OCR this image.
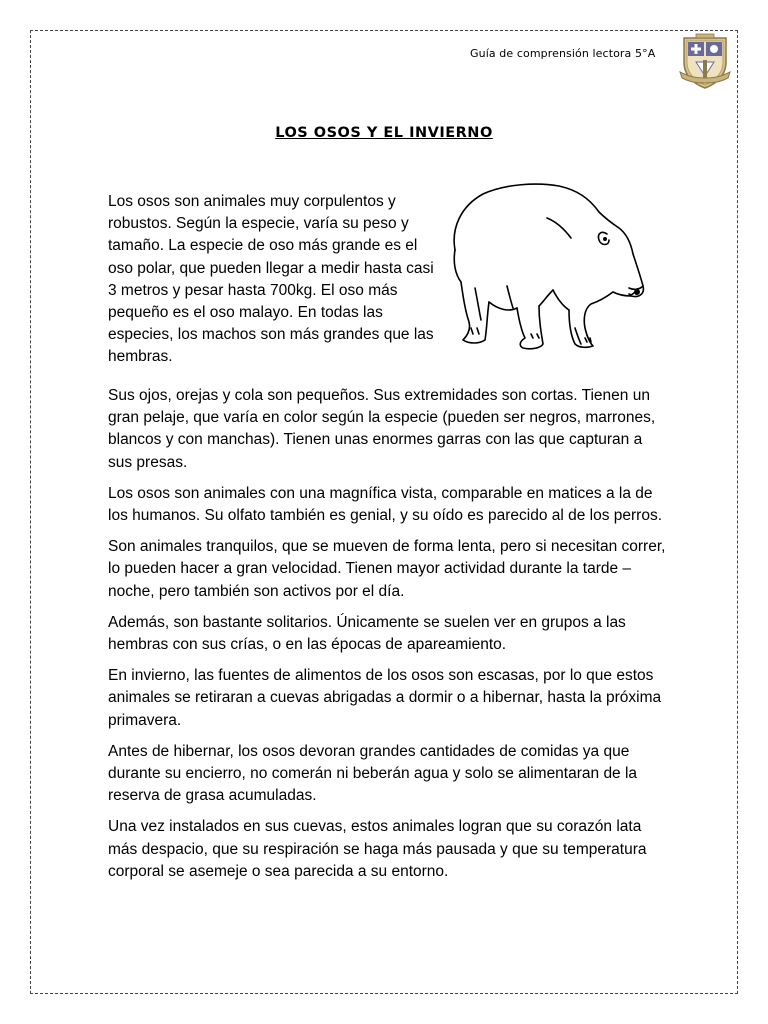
Guía de comprensión lectora 5°A
LOS OSOS Y EL INVIERNO
Los osos son animales muy corpulentos y robustos. Según la especie, varía su peso y tamaño. La especie de oso más grande es el oso polar, que pueden llegar a medir hasta casi 3 metros y pesar hasta 700kg. El oso más pequeño es el oso malayo. En todas las especies, los machos son más grandes que las hembras.

Sus ojos, orejas y cola son pequeños. Sus extremidades son cortas. Tienen un gran pelaje, que varía en color según la especie (pueden ser negros, marrones, blancos y con manchas). Tienen unas enormes garras con las que capturan a sus presas.

Los osos son animales con una magnífica vista, comparable en matices a la de los humanos. Su olfato también es genial, y su oído es parecido al de los perros.

Son animales tranquilos, que se mueven de forma lenta, pero si necesitan correr, lo pueden hacer a gran velocidad. Tienen mayor actividad durante la tarde – noche, pero también son activos por el día.

Además, son bastante solitarios. Únicamente se suelen ver en grupos a las hembras con sus crías, o en las épocas de apareamiento.

En invierno, las fuentes de alimentos de los osos son escasas, por lo que estos animales se retiraran a cuevas abrigadas a dormir o a hibernar, hasta la próxima primavera.

Antes de hibernar, los osos devoran grandes cantidades de comidas ya que durante su encierro, no comerán ni beberán agua y solo se alimentaran de la reserva de grasa acumuladas.

Una vez instalados en sus cuevas, estos animales logran que su corazón lata más despacio, que su respiración se haga más pausada y que su temperatura corporal se asemeje o sea parecida a su entorno.
